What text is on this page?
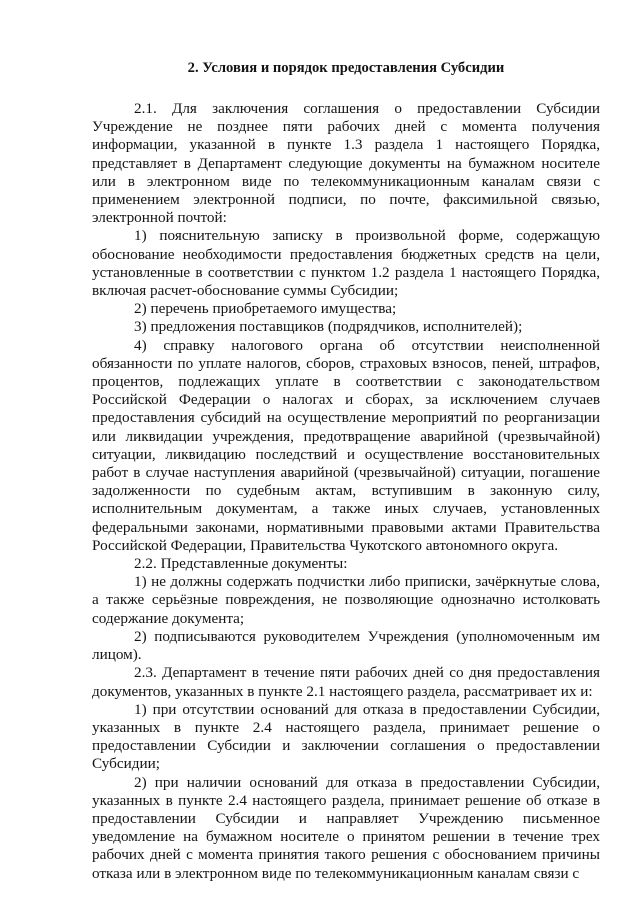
2. Условия и порядок предоставления Субсидии

2.1. Для заключения соглашения о предоставлении Субсидии Учреждение не позднее пяти рабочих дней с момента получения информации, указанной в пункте 1.3 раздела 1 настоящего Порядка, представляет в Департамент следующие документы на бумажном носителе или в электронном виде по телекоммуникационным каналам связи с применением электронной подписи, по почте, факсимильной связью, электронной почтой:

1) пояснительную записку в произвольной форме, содержащую обоснование необходимости предоставления бюджетных средств на цели, установленные в соответствии с пунктом 1.2 раздела 1 настоящего Порядка, включая расчет-обоснование суммы Субсидии;

2) перечень приобретаемого имущества;

3) предложения поставщиков (подрядчиков, исполнителей);

4) справку налогового органа об отсутствии неисполненной обязанности по уплате налогов, сборов, страховых взносов, пеней, штрафов, процентов, подлежащих уплате в соответствии с законодательством Российской Федерации о налогах и сборах, за исключением случаев предоставления субсидий на осуществление мероприятий по реорганизации или ликвидации учреждения, предотвращение аварийной (чрезвычайной) ситуации, ликвидацию последствий и осуществление восстановительных работ в случае наступления аварийной (чрезвычайной) ситуации, погашение задолженности по судебным актам, вступившим в законную силу, исполнительным документам, а также иных случаев, установленных федеральными законами, нормативными правовыми актами Правительства Российской Федерации, Правительства Чукотского автономного округа.

2.2. Представленные документы:

1) не должны содержать подчистки либо приписки, зачёркнутые слова, а также серьёзные повреждения, не позволяющие однозначно истолковать содержание документа;

2) подписываются руководителем Учреждения (уполномоченным им лицом).

2.3. Департамент в течение пяти рабочих дней со дня предоставления документов, указанных в пункте 2.1 настоящего раздела, рассматривает их и:

1) при отсутствии оснований для отказа в предоставлении Субсидии, указанных в пункте 2.4 настоящего раздела, принимает решение о предоставлении Субсидии и заключении соглашения о предоставлении Субсидии;

2) при наличии оснований для отказа в предоставлении Субсидии, указанных в пункте 2.4 настоящего раздела, принимает решение об отказе в предоставлении Субсидии и направляет Учреждению письменное уведомление на бумажном носителе о принятом решении в течение трех рабочих дней с момента принятия такого решения с обоснованием причины отказа или в электронном виде по телекоммуникационным каналам связи с
